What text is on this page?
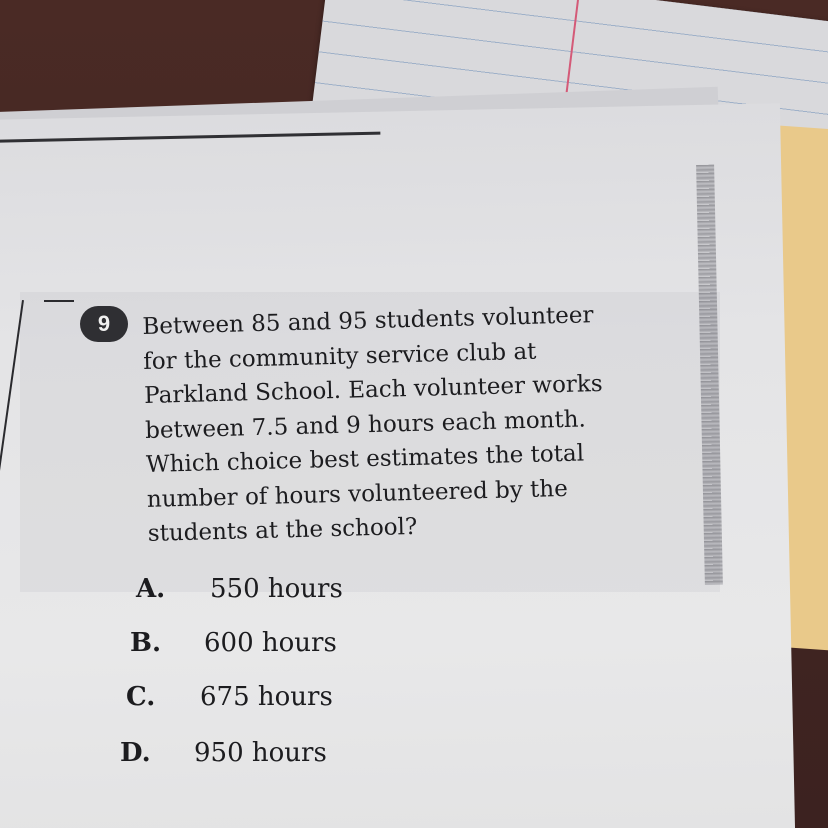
9	Between 85 and 95 students volunteer
for the community service club at
Parkland School. Each volunteer works
between 7.5 and 9 hours each month.
Which choice best estimates the total
number of hours volunteered by the
students at the school?
A. 550 hours
B. 600 hours
C. 675 hours
D. 950 hours
